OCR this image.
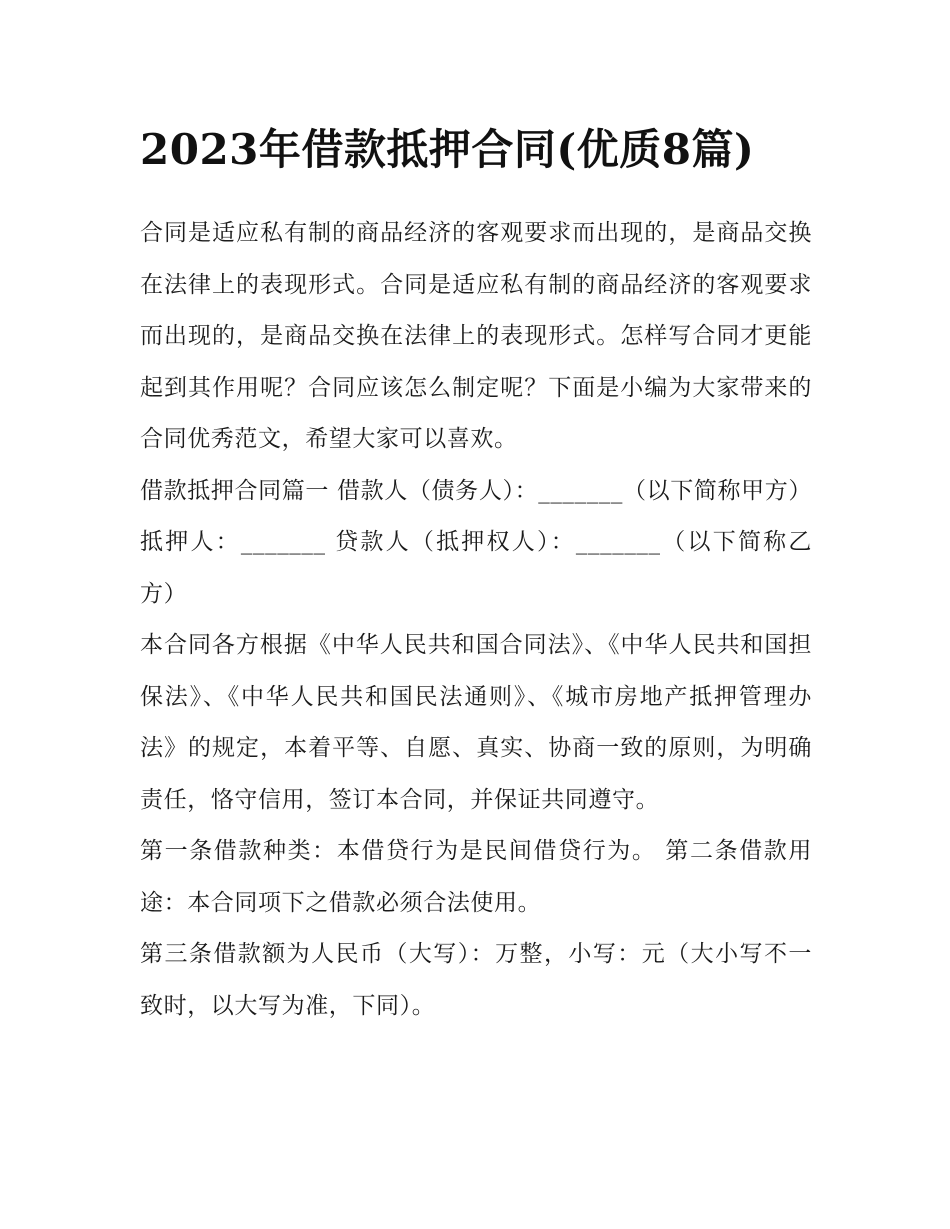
2023年借款抵押合同(优质8篇)

合同是适应私有制的商品经济的客观要求而出现的，是商品交换在法律上的表现形式。合同是适应私有制的商品经济的客观要求而出现的，是商品交换在法律上的表现形式。怎样写合同才更能起到其作用呢？合同应该怎么制定呢？下面是小编为大家带来的合同优秀范文，希望大家可以喜欢。

借款抵押合同篇一 借款人（债务人）：_______（以下简称甲方） 抵押人：_______ 贷款人（抵押权人）：_______（以下简称乙方）

本合同各方根据《中华人民共和国合同法》、《中华人民共和国担保法》、《中华人民共和国民法通则》、《城市房地产抵押管理办法》的规定，本着平等、自愿、真实、协商一致的原则，为明确责任，恪守信用，签订本合同，并保证共同遵守。

第一条借款种类：本借贷行为是民间借贷行为。 第二条借款用途：本合同项下之借款必须合法使用。

第三条借款额为人民币（大写）：万整，小写：元（大小写不一致时，以大写为准，下同）。
